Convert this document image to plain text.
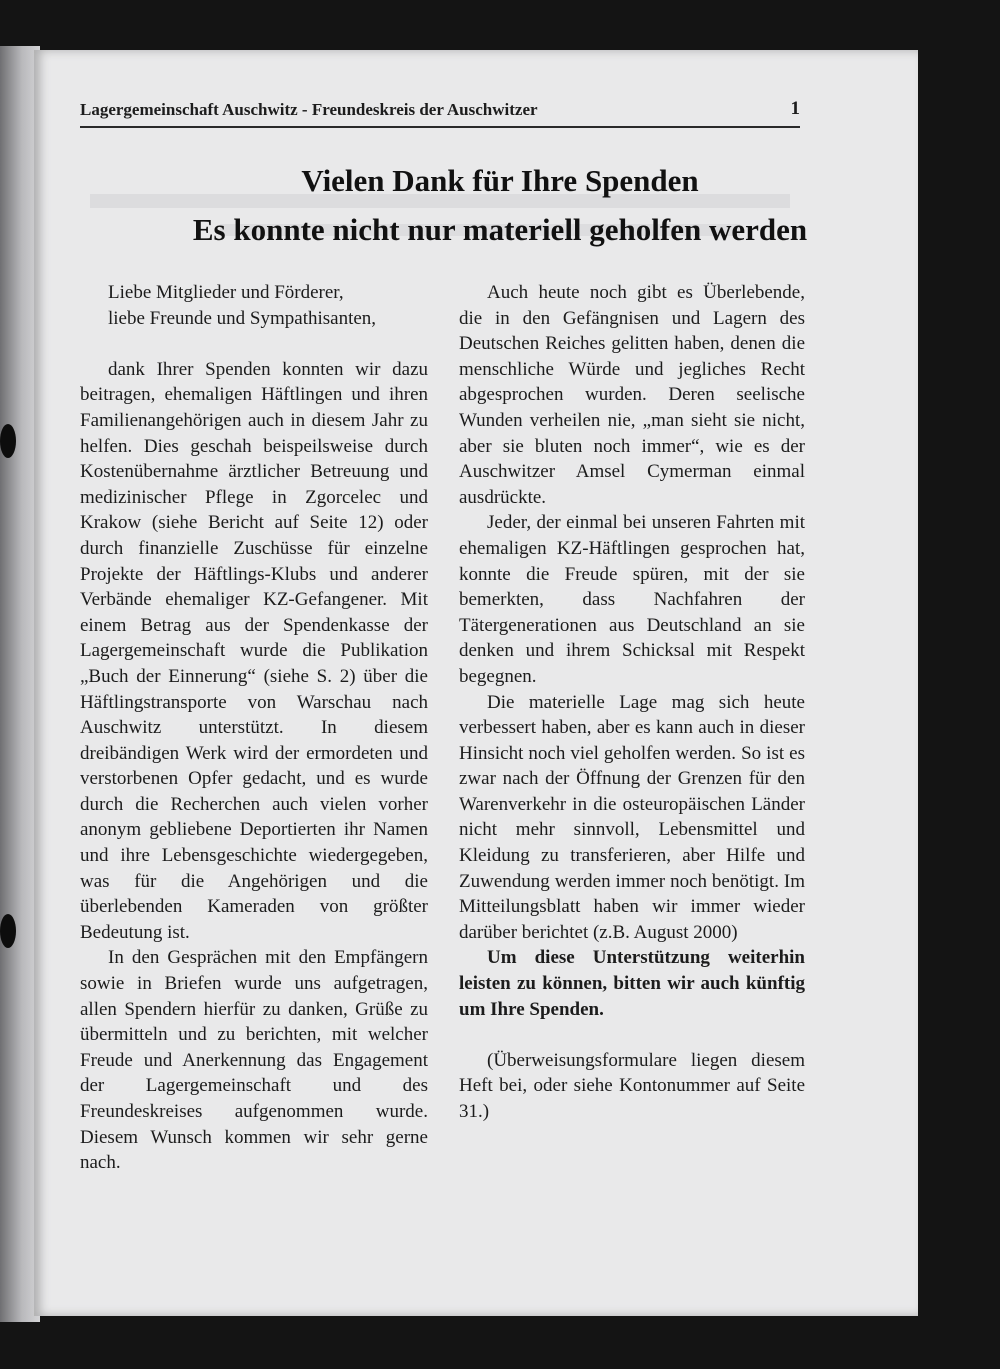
Lagergemeinschaft Auschwitz - Freundeskreis der Auschwitzer	1
Vielen Dank für Ihre Spenden
Es konnte nicht nur materiell geholfen werden

Liebe Mitglieder und Förderer,

liebe Freunde und Sympathisanten,

dank Ihrer Spenden konnten wir dazu beitragen, ehemaligen Häftlingen und ihren Familienangehörigen auch in diesem Jahr zu helfen. Dies geschah beispeilsweise durch Kostenübernahme ärztlicher Betreuung und medizinischer Pflege in Zgorcelec und Krakow (siehe Bericht auf Seite 12) oder durch finanzielle Zuschüsse für einzelne Projekte der Häftlings-Klubs und anderer Verbände ehemaliger KZ-Gefangener. Mit einem Betrag aus der Spendenkasse der Lagergemeinschaft wurde die Publikation „Buch der Einnerung“ (siehe S. 2) über die Häftlingstransporte von Warschau nach Auschwitz unterstützt. In diesem dreibändigen Werk wird der ermordeten und verstorbenen Opfer gedacht, und es wurde durch die Recherchen auch vielen vorher anonym gebliebene Deportierten ihr Namen und ihre Lebensgeschichte wiedergegeben, was für die Angehörigen und die überlebenden Kameraden von größter Bedeutung ist.

In den Gesprächen mit den Empfängern sowie in Briefen wurde uns aufgetragen, allen Spendern hierfür zu danken, Grüße zu übermitteln und zu berichten, mit welcher Freude und Anerkennung das Engagement der Lagergemeinschaft und des Freundeskreises aufgenommen wurde. Diesem Wunsch kommen wir sehr gerne nach.

Auch heute noch gibt es Überlebende, die in den Gefängnisen und Lagern des Deutschen Reiches gelitten haben, denen die menschliche Würde und jegliches Recht abgesprochen wurden. Deren seelische Wunden verheilen nie, „man sieht sie nicht, aber sie bluten noch immer“, wie es der Auschwitzer Amsel Cymerman einmal ausdrückte.

Jeder, der einmal bei unseren Fahrten mit ehemaligen KZ-Häftlingen gesprochen hat, konnte die Freude spüren, mit der sie bemerkten, dass Nachfahren der Tätergenerationen aus Deutschland an sie denken und ihrem Schicksal mit Respekt begegnen.

Die materielle Lage mag sich heute verbessert haben, aber es kann auch in dieser Hinsicht noch viel geholfen werden. So ist es zwar nach der Öffnung der Grenzen für den Warenverkehr in die osteuropäischen Länder nicht mehr sinnvoll, Lebensmittel und Kleidung zu transferieren, aber Hilfe und Zuwendung werden immer noch benötigt. Im Mitteilungsblatt haben wir immer wieder darüber berichtet (z.B. August 2000)

Um diese Unterstützung weiterhin leisten zu können, bitten wir auch künftig um Ihre Spenden.

(Überweisungsformulare liegen diesem Heft bei, oder siehe Kontonummer auf Seite 31.)
